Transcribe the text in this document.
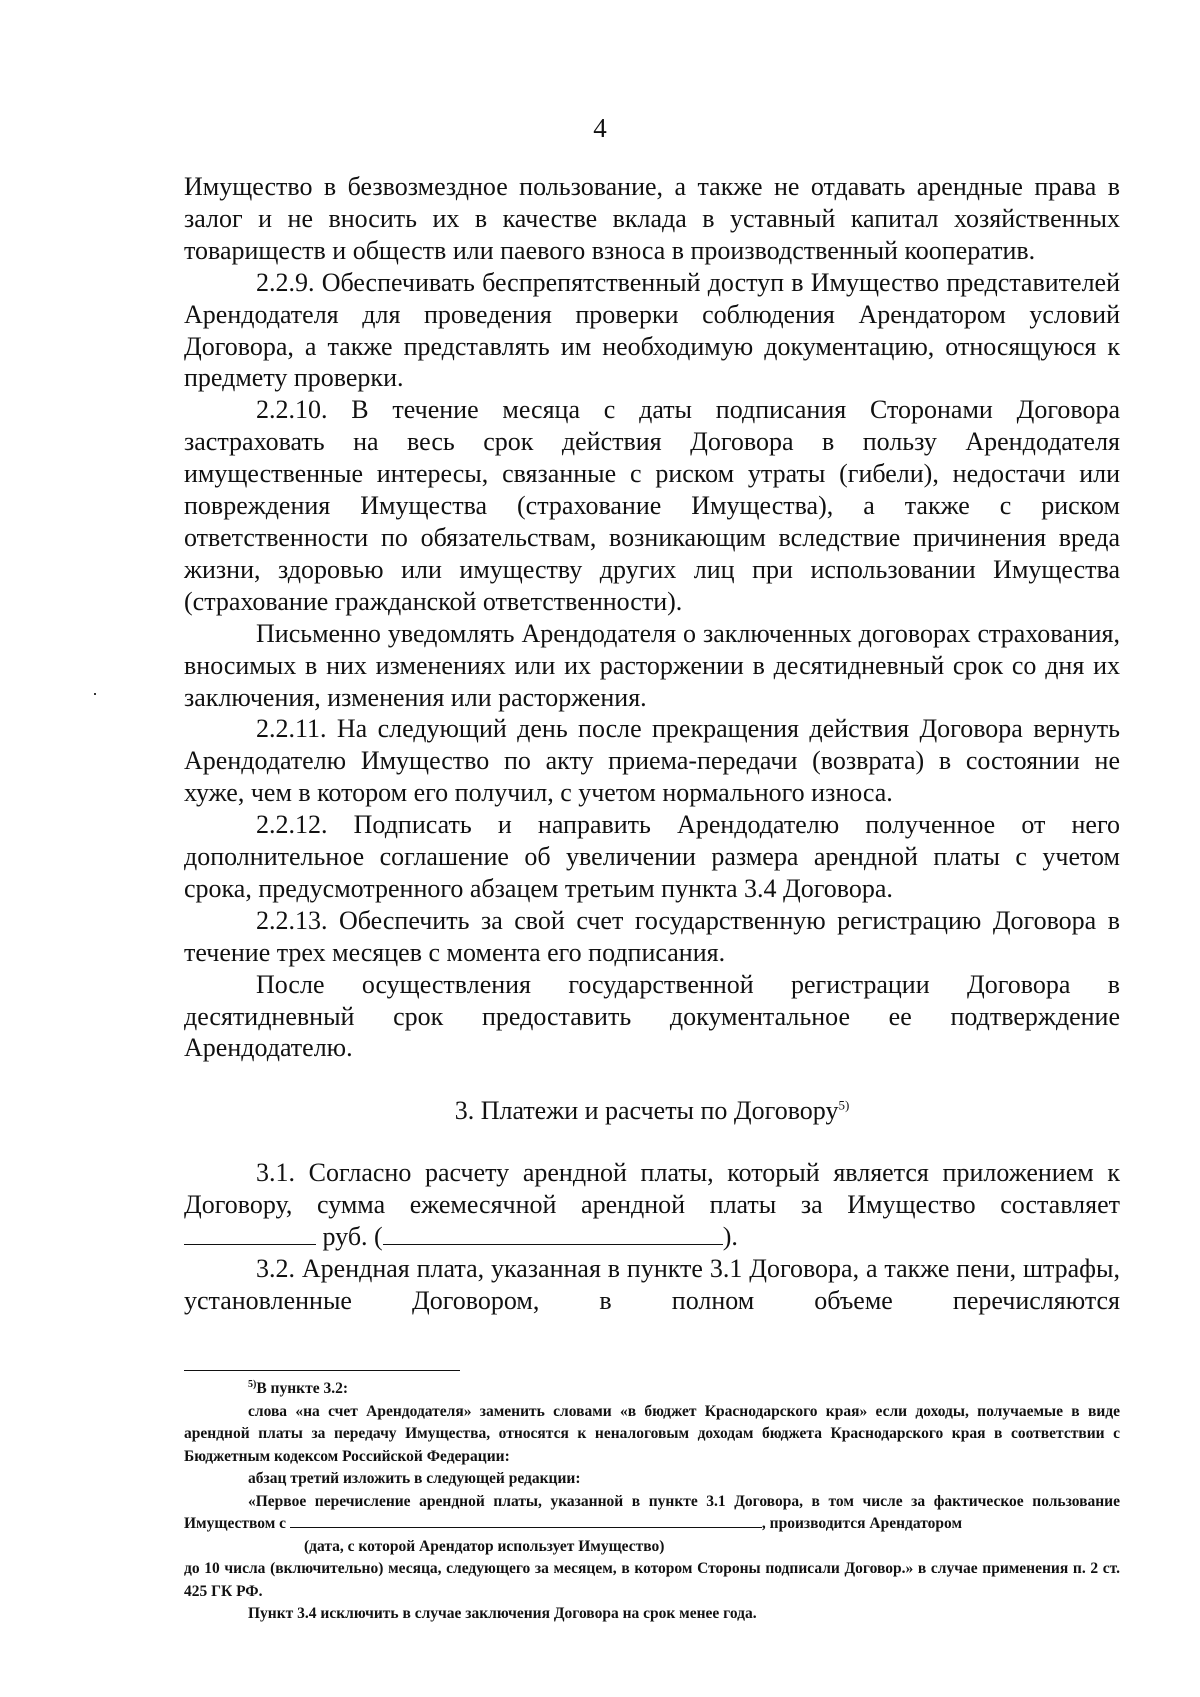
4

Имущество в безвозмездное пользование, а также не отдавать арендные права в залог и не вносить их в качестве вклада в уставный капитал хозяйственных товариществ и обществ или паевого взноса в производственный кооператив.

2.2.9. Обеспечивать беспрепятственный доступ в Имущество представителей Арендодателя для проведения проверки соблюдения Арендатором условий Договора, а также представлять им необходимую документацию, относящуюся к предмету проверки.

2.2.10. В течение месяца с даты подписания Сторонами Договора застраховать на весь срок действия Договора в пользу Арендодателя имущественные интересы, связанные с риском утраты (гибели), недостачи или повреждения Имущества (страхование Имущества), а также с риском ответственности по обязательствам, возникающим вследствие причинения вреда жизни, здоровью или имуществу других лиц при использовании Имущества (страхование гражданской ответственности).

Письменно уведомлять Арендодателя о заключенных договорах страхования, вносимых в них изменениях или их расторжении в десятидневный срок со дня их заключения, изменения или расторжения.

2.2.11. На следующий день после прекращения действия Договора вернуть Арендодателю Имущество по акту приема-передачи (возврата) в состоянии не хуже, чем в котором его получил, с учетом нормального износа.

2.2.12. Подписать и направить Арендодателю полученное от него дополнительное соглашение об увеличении размера арендной платы с учетом срока, предусмотренного абзацем третьим пункта 3.4 Договора.

2.2.13. Обеспечить за свой счет государственную регистрацию Договора в течение трех месяцев с момента его подписания.

После осуществления государственной регистрации Договора в десятидневный срок предоставить документальное ее подтверждение Арендодателю.

3. Платежи и расчеты по Договору$^{5)}$

3.1. Согласно расчету арендной платы, который является приложением к Договору, сумма ежемесячной арендной платы за Имущество составляет  руб. (	).

3.2. Арендная плата, указанная в пункте 3.1 Договора, а также пени, штрафы, установленные Договором, в полном объеме перечисляются

$^{5)}$В пункте 3.2:

слова «на счет Арендодателя» заменить словами «в бюджет Краснодарского края» если доходы, получаемые в виде арендной платы за передачу Имущества, относятся к неналоговым доходам бюджета Краснодарского края в соответствии с Бюджетным кодексом Российской Федерации:

абзац третий изложить в следующей редакции:

«Первое перечисление арендной платы, указанной в пункте 3.1 Договора, в том числе за фактическое пользование Имуществом с	, производится Арендатором

(дата, с которой Арендатор использует Имущество)

до 10 числа (включительно) месяца, следующего за месяцем, в котором Стороны подписали Договор.» в случае применения п. 2 ст. 425 ГК РФ.

Пункт 3.4 исключить в случае заключения Договора на срок менее года.
